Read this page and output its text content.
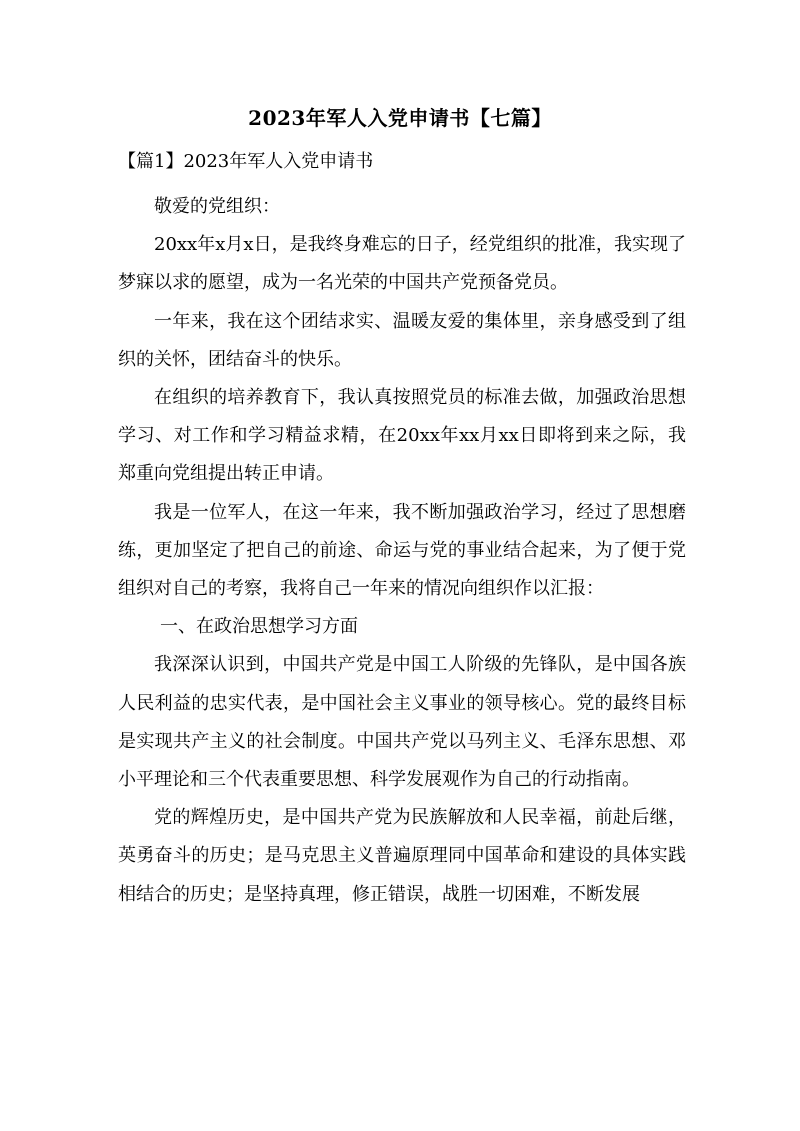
2023年军人入党申请书【七篇】
【篇1】2023年军人入党申请书

敬爱的党组织：

20xx年x月x日，是我终身难忘的日子，经党组织的批准，我实现了梦寐以求的愿望，成为一名光荣的中国共产党预备党员。

一年来，我在这个团结求实、温暖友爱的集体里，亲身感受到了组织的关怀，团结奋斗的快乐。

在组织的培养教育下，我认真按照党员的标准去做，加强政治思想学习、对工作和学习精益求精，在20xx年xx月xx日即将到来之际，我郑重向党组提出转正申请。

我是一位军人，在这一年来，我不断加强政治学习，经过了思想磨练，更加坚定了把自己的前途、命运与党的事业结合起来，为了便于党组织对自己的考察，我将自己一年来的情况向组织作以汇报：

一、在政治思想学习方面

我深深认识到，中国共产党是中国工人阶级的先锋队，是中国各族人民利益的忠实代表，是中国社会主义事业的领导核心。党的最终目标是实现共产主义的社会制度。中国共产党以马列主义、毛泽东思想、邓小平理论和三个代表重要思想、科学发展观作为自己的行动指南。

党的辉煌历史，是中国共产党为民族解放和人民幸福，前赴后继，英勇奋斗的历史；是马克思主义普遍原理同中国革命和建设的具体实践相结合的历史；是坚持真理，修正错误，战胜一切困难，不断发展
